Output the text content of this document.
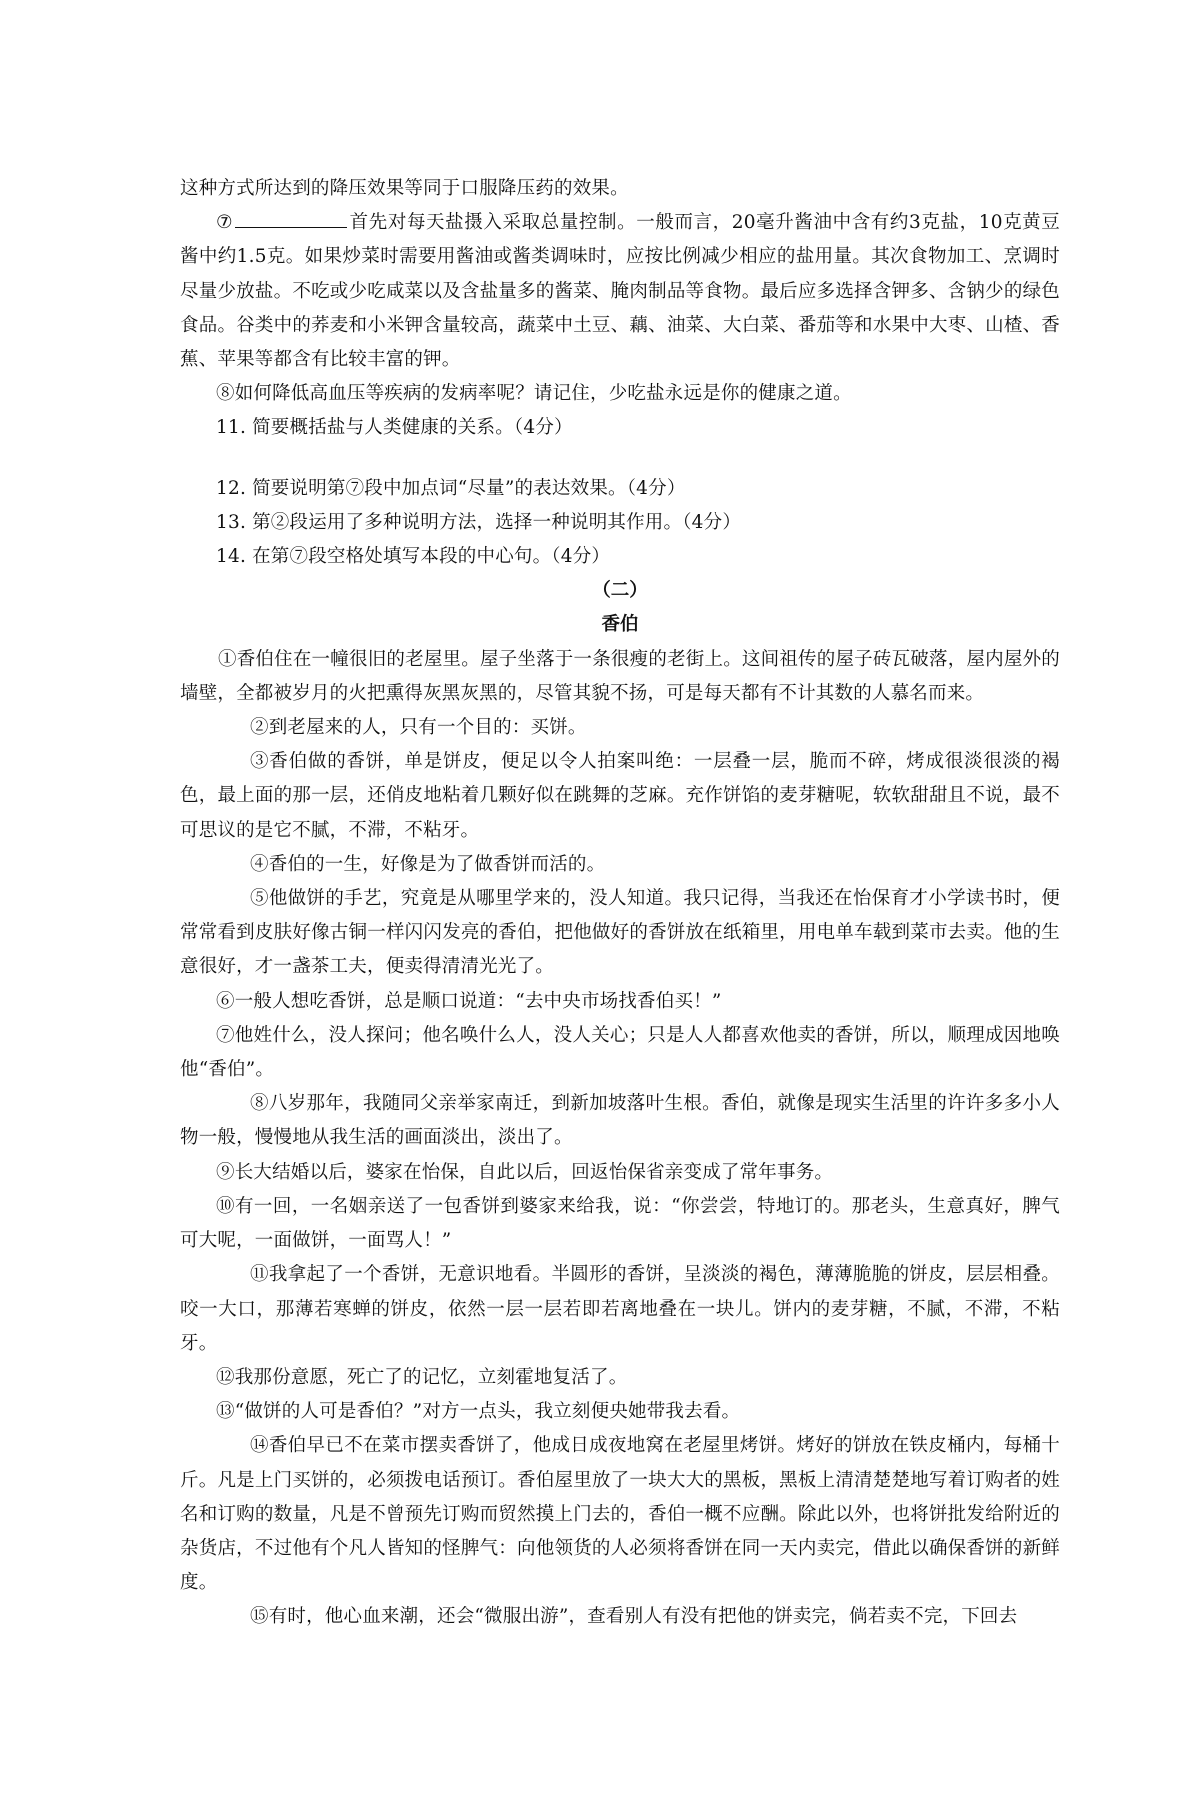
这种方式所达到的降压效果等同于口服降压药的效果。

⑦	首先对每天盐摄入采取总量控制。一般而言，20毫升酱油中含有约3克盐，10克黄豆酱中约1.5克。如果炒菜时需要用酱油或酱类调味时，应按比例减少相应的盐用量。其次食物加工、烹调时尽量少放盐。不吃或少吃咸菜以及含盐量多的酱菜、腌肉制品等食物。最后应多选择含钾多、含钠少的绿色食品。谷类中的荞麦和小米钾含量较高，蔬菜中土豆、藕、油菜、大白菜、番茄等和水果中大枣、山楂、香蕉、苹果等都含有比较丰富的钾。

⑧如何降低高血压等疾病的发病率呢？请记住，少吃盐永远是你的健康之道。

11. 简要概括盐与人类健康的关系。（4分）

12. 简要说明第⑦段中加点词“尽量”的表达效果。（4分）

13. 第②段运用了多种说明方法，选择一种说明其作用。（4分）

14. 在第⑦段空格处填写本段的中心句。（4分）

（二）

香伯

①香伯住在一幢很旧的老屋里。屋子坐落于一条很瘦的老街上。这间祖传的屋子砖瓦破落，屋内屋外的墙壁，全都被岁月的火把熏得灰黑灰黑的，尽管其貌不扬，可是每天都有不计其数的人慕名而来。

②到老屋来的人，只有一个目的：买饼。

③香伯做的香饼，单是饼皮，便足以令人拍案叫绝：一层叠一层，脆而不碎，烤成很淡很淡的褐色，最上面的那一层，还俏皮地粘着几颗好似在跳舞的芝麻。充作饼馅的麦芽糖呢，软软甜甜且不说，最不可思议的是它不腻，不滞，不粘牙。

④香伯的一生，好像是为了做香饼而活的。

⑤他做饼的手艺，究竟是从哪里学来的，没人知道。我只记得，当我还在怡保育才小学读书时，便常常看到皮肤好像古铜一样闪闪发亮的香伯，把他做好的香饼放在纸箱里，用电单车载到菜市去卖。他的生意很好，才一盏茶工夫，便卖得清清光光了。

⑥一般人想吃香饼，总是顺口说道：“去中央市场找香伯买！”

⑦他姓什么，没人探问；他名唤什么人，没人关心；只是人人都喜欢他卖的香饼，所以，顺理成因地唤他“香伯”。

⑧八岁那年，我随同父亲举家南迁，到新加坡落叶生根。香伯，就像是现实生活里的许许多多小人物一般，慢慢地从我生活的画面淡出，淡出了。

⑨长大结婚以后，婆家在怡保，自此以后，回返怡保省亲变成了常年事务。

⑩有一回，一名姻亲送了一包香饼到婆家来给我，说：“你尝尝，特地订的。那老头，生意真好，脾气可大呢，一面做饼，一面骂人！”

⑪我拿起了一个香饼，无意识地看。半圆形的香饼，呈淡淡的褐色，薄薄脆脆的饼皮，层层相叠。咬一大口，那薄若寒蝉的饼皮，依然一层一层若即若离地叠在一块儿。饼内的麦芽糖，不腻，不滞，不粘牙。

⑫我那份意愿，死亡了的记忆，立刻霍地复活了。

⑬“做饼的人可是香伯？”对方一点头，我立刻便央她带我去看。

⑭香伯早已不在菜市摆卖香饼了，他成日成夜地窝在老屋里烤饼。烤好的饼放在铁皮桶内，每桶十斤。凡是上门买饼的，必须拨电话预订。香伯屋里放了一块大大的黑板，黑板上清清楚楚地写着订购者的姓名和订购的数量，凡是不曾预先订购而贸然摸上门去的，香伯一概不应酬。除此以外，也将饼批发给附近的杂货店，不过他有个凡人皆知的怪脾气：向他领货的人必须将香饼在同一天内卖完，借此以确保香饼的新鲜度。

⑮有时，他心血来潮，还会“微服出游”，查看别人有没有把他的饼卖完，倘若卖不完，下回去
